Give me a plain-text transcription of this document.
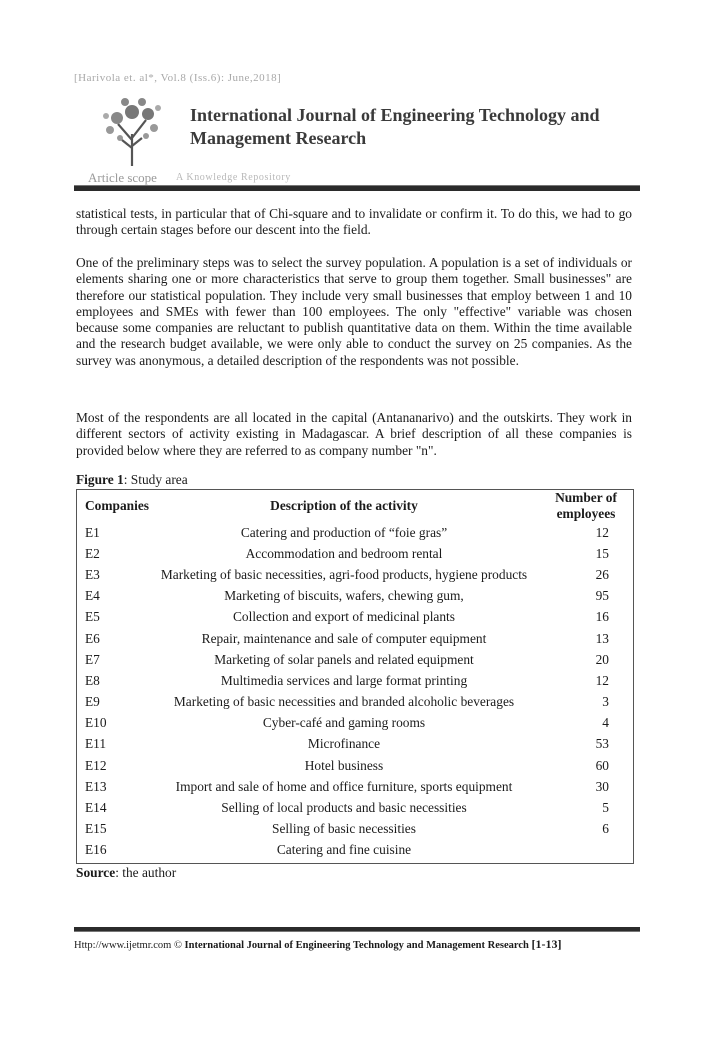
[Harivola et. al*, Vol.8 (Iss.6): June,2018]
International Journal of Engineering Technology and
Management Research
Article scope A Knowledge Repository

statistical tests, in particular that of Chi-square and to invalidate or confirm it. To do this, we had to go through certain stages before our descent into the field.

One of the preliminary steps was to select the survey population. A population is a set of individuals or elements sharing one or more characteristics that serve to group them together. Small businesses" are therefore our statistical population. They include very small businesses that employ between 1 and 10 employees and SMEs with fewer than 100 employees. The only "effective" variable was chosen because some companies are reluctant to publish quantitative data on them. Within the time available and the research budget available, we were only able to conduct the survey on 25 companies. As the survey was anonymous, a detailed description of the respondents was not possible.

Most of the respondents are all located in the capital (Antananarivo) and the outskirts. They work in different sectors of activity existing in Madagascar. A brief description of all these companies is provided below where they are referred to as company number "n".

Figure 1: Study area
Companies	Description of the activity	Number of employees
E1	Catering and production of “foie gras”	12
E2	Accommodation and bedroom rental	15
E3	Marketing of basic necessities, agri-food products, hygiene products	26
E4	Marketing of biscuits, wafers, chewing gum,	95
E5	Collection and export of medicinal plants	16
E6	Repair, maintenance and sale of computer equipment	13
E7	Marketing of solar panels and related equipment	20
E8	Multimedia services and large format printing	12
E9	Marketing of basic necessities and branded alcoholic beverages	3
E10	Cyber-café and gaming rooms	4
E11	Microfinance	53
E12	Hotel business	60
E13	Import and sale of home and office furniture, sports equipment	30
E14	Selling of local products and basic necessities	5
E15	Selling of basic necessities	6
E16	Catering and fine cuisine	
Source: the author
Http://www.ijetmr.com © International Journal of Engineering Technology and Management Research [1-13]
